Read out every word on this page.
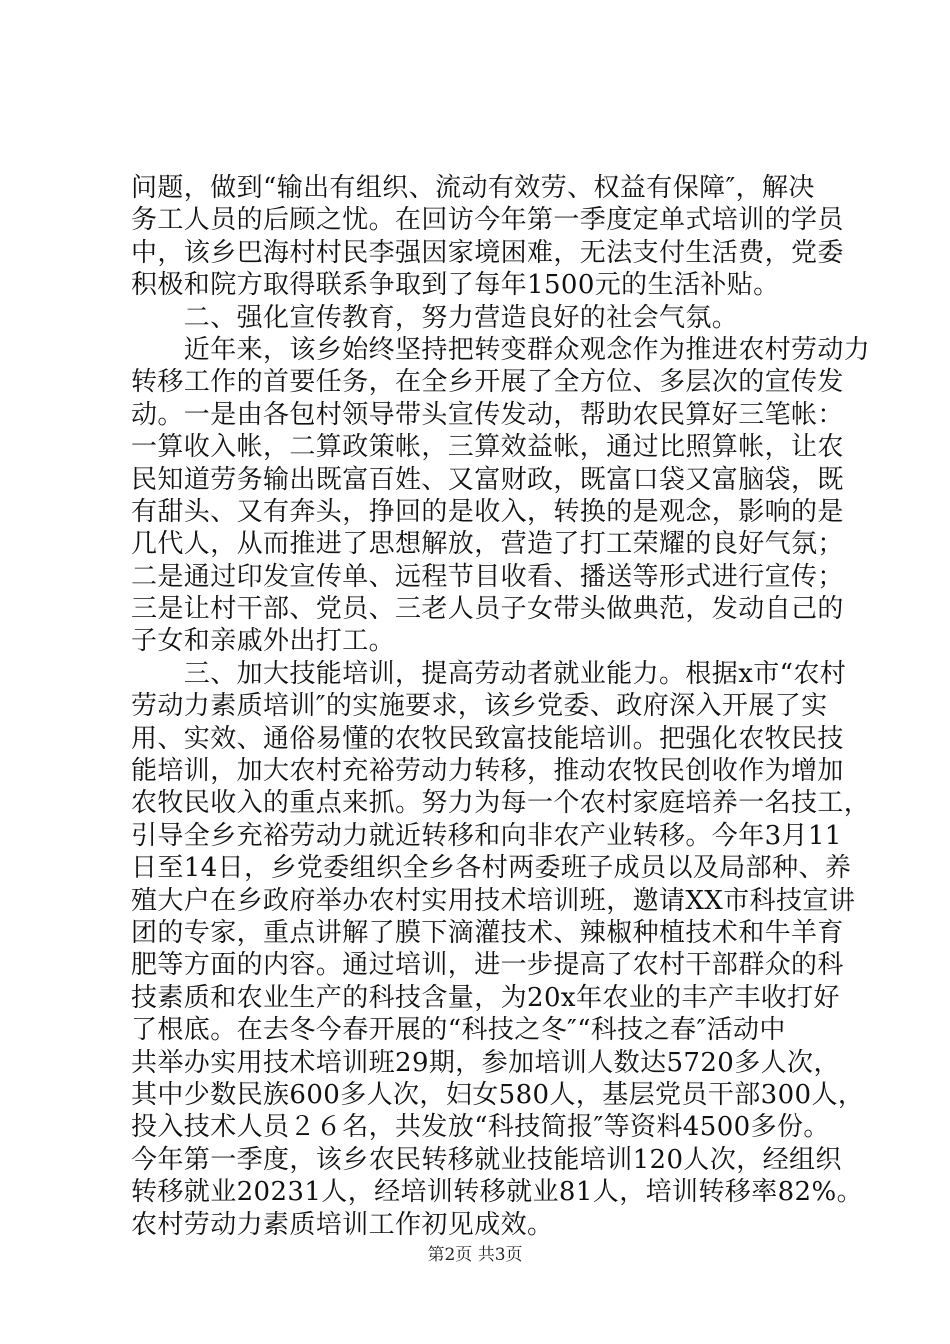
问题，做到“输出有组织、流动有效劳、权益有保障″，解决
务工人员的后顾之忧。在回访今年第一季度定单式培训的学员
中，该乡巴海村村民李强因家境困难，无法支付生活费，党委
积极和院方取得联系争取到了每年1500元的生活补贴。
　　二、强化宣传教育，努力营造良好的社会气氛。
　　近年来，该乡始终坚持把转变群众观念作为推进农村劳动力
转移工作的首要任务，在全乡开展了全方位、多层次的宣传发
动。一是由各包村领导带头宣传发动，帮助农民算好三笔帐：
一算收入帐，二算政策帐，三算效益帐，通过比照算帐，让农
民知道劳务输出既富百姓、又富财政，既富口袋又富脑袋，既
有甜头、又有奔头，挣回的是收入，转换的是观念，影响的是
几代人，从而推进了思想解放，营造了打工荣耀的良好气氛；
二是通过印发宣传单、远程节目收看、播送等形式进行宣传；
三是让村干部、党员、三老人员子女带头做典范，发动自己的
子女和亲戚外出打工。
　　三、加大技能培训，提高劳动者就业能力。根据x市“农村
劳动力素质培训″的实施要求，该乡党委、政府深入开展了实
用、实效、通俗易懂的农牧民致富技能培训。把强化农牧民技
能培训，加大农村充裕劳动力转移，推动农牧民创收作为增加
农牧民收入的重点来抓。努力为每一个农村家庭培养一名技工，
引导全乡充裕劳动力就近转移和向非农产业转移。今年3月11
日至14日，乡党委组织全乡各村两委班子成员以及局部种、养
殖大户在乡政府举办农村实用技术培训班，邀请XX市科技宣讲
团的专家，重点讲解了膜下滴灌技术、辣椒种植技术和牛羊育
肥等方面的内容。通过培训，进一步提高了农村干部群众的科
技素质和农业生产的科技含量，为20x年农业的丰产丰收打好
了根底。在去冬今春开展的“科技之冬″“科技之春″活动中
共举办实用技术培训班29期，参加培训人数达5720多人次，
其中少数民族600多人次，妇女580人，基层党员干部300人，
投入技术人员２６名，共发放“科技简报″等资料4500多份。
今年第一季度，该乡农民转移就业技能培训120人次，经组织
转移就业20231人，经培训转移就业81人，培训转移率82%。
农村劳动力素质培训工作初见成效。
第2页 共3页
